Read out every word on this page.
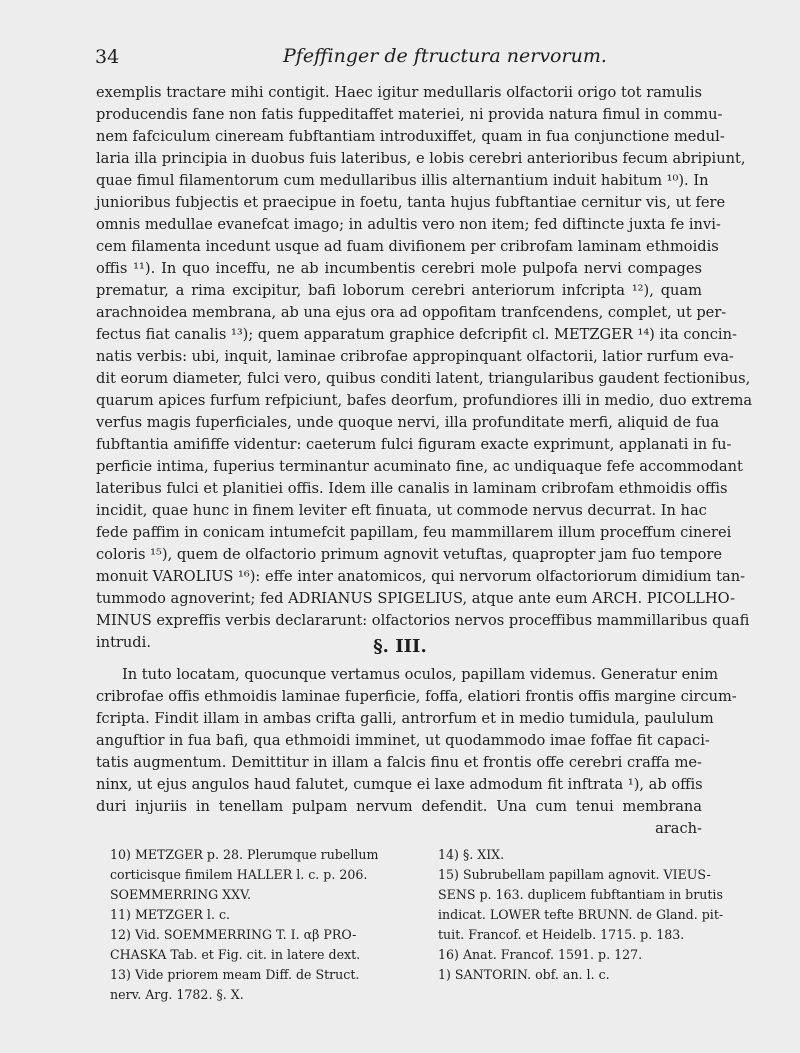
34	Pfeffinger de ftructura nervorum.
exemplis tractare mihi contigit. Haec igitur medullaris olfactorii origo tot ramulis
producendis fane non fatis fuppeditaffet materiei, ni provida natura fimul in commu-
nem fafciculum cineream fubftantiam introduxiffet, quam in fua conjunctione medul-
laria illa principia in duobus fuis lateribus, e lobis cerebri anterioribus fecum abripiunt,
quae fimul filamentorum cum medullaribus illis alternantium induit habitum ¹⁰). In
junioribus fubjectis et praecipue in foetu, tanta hujus fubftantiae cernitur vis, ut fere
omnis medullae evanefcat imago; in adultis vero non item; fed diftincte juxta fe invi-
cem filamenta incedunt usque ad fuam divifionem per cribrofam laminam ethmoidis
offis ¹¹). In quo inceffu, ne ab incumbentis cerebri mole pulpofa nervi compages
prematur, a rima excipitur, bafi loborum cerebri anteriorum infcripta ¹²), quam
arachnoidea membrana, ab una ejus ora ad oppofitam tranfcendens, complet, ut per-
fectus fiat canalis ¹³); quem apparatum graphice defcripfit cl. METZGER ¹⁴) ita concin-
natis verbis: ubi, inquit, laminae cribrofae appropinquant olfactorii, latior rurfum eva-
dit eorum diameter, fulci vero, quibus conditi latent, triangularibus gaudent fectionibus,
quarum apices furfum refpiciunt, bafes deorfum, profundiores illi in medio, duo extrema
verfus magis fuperficiales, unde quoque nervi, illa profunditate merfi, aliquid de fua
fubftantia amififfe videntur: caeterum fulci figuram exacte exprimunt, applanati in fu-
perficie intima, fuperius terminantur acuminato fine, ac undiquaque fefe accommodant
lateribus fulci et planitiei offis. Idem ille canalis in laminam cribrofam ethmoidis offis
incidit, quae hunc in finem leviter eft finuata, ut commode nervus decurrat. In hac
fede paffim in conicam intumefcit papillam, feu mammillarem illum proceffum cinerei
coloris ¹⁵), quem de olfactorio primum agnovit vetuftas, quapropter jam fuo tempore
monuit VAROLIUS ¹⁶): effe inter anatomicos, qui nervorum olfactoriorum dimidium tan-
tummodo agnoverint; fed ADRIANUS SPIGELIUS, atque ante eum ARCH. PICOLLHO-
MINUS expreffis verbis declararunt: olfactorios nervos proceffibus mammillaribus quafi
intrudi.	§. III.
In tuto locatam, quocunque vertamus oculos, papillam videmus. Generatur enim
cribrofae offis ethmoidis laminae fuperficie, foffa, elatiori frontis offis margine circum-
fcripta. Findit illam in ambas crifta galli, antrorfum et in medio tumidula, paululum
anguftior in fua bafi, qua ethmoidi imminet, ut quodammodo imae foffae fit capaci-
tatis augmentum. Demittitur in illam a falcis finu et frontis offe cerebri craffa me-
ninx, ut ejus angulos haud falutet, cumque ei laxe admodum fit inftrata ¹), ab offis
duri injuriis in tenellam pulpam nervum defendit. Una cum tenui membrana
arach-
10) METZGER p. 28. Plerumque rubellum
corticisque fimilem HALLER l. c. p. 206.
SOEMMERRING XXV.
11) METZGER l. c.
12) Vid. SOEMMERRING T. I. αβ PRO-
CHASKA Tab. et Fig. cit. in latere dext.
13) Vide priorem meam Diff. de Struct.
nerv. Arg. 1782. §. X.
14) §. XIX.
15) Subrubellam papillam agnovit. VIEUS-
SENS p. 163. duplicem fubftantiam in brutis
indicat. LOWER tefte BRUNN. de Gland. pit-
tuit. Francof. et Heidelb. 1715. p. 183.
16) Anat. Francof. 1591. p. 127.
1) SANTORIN. obf. an. l. c.
